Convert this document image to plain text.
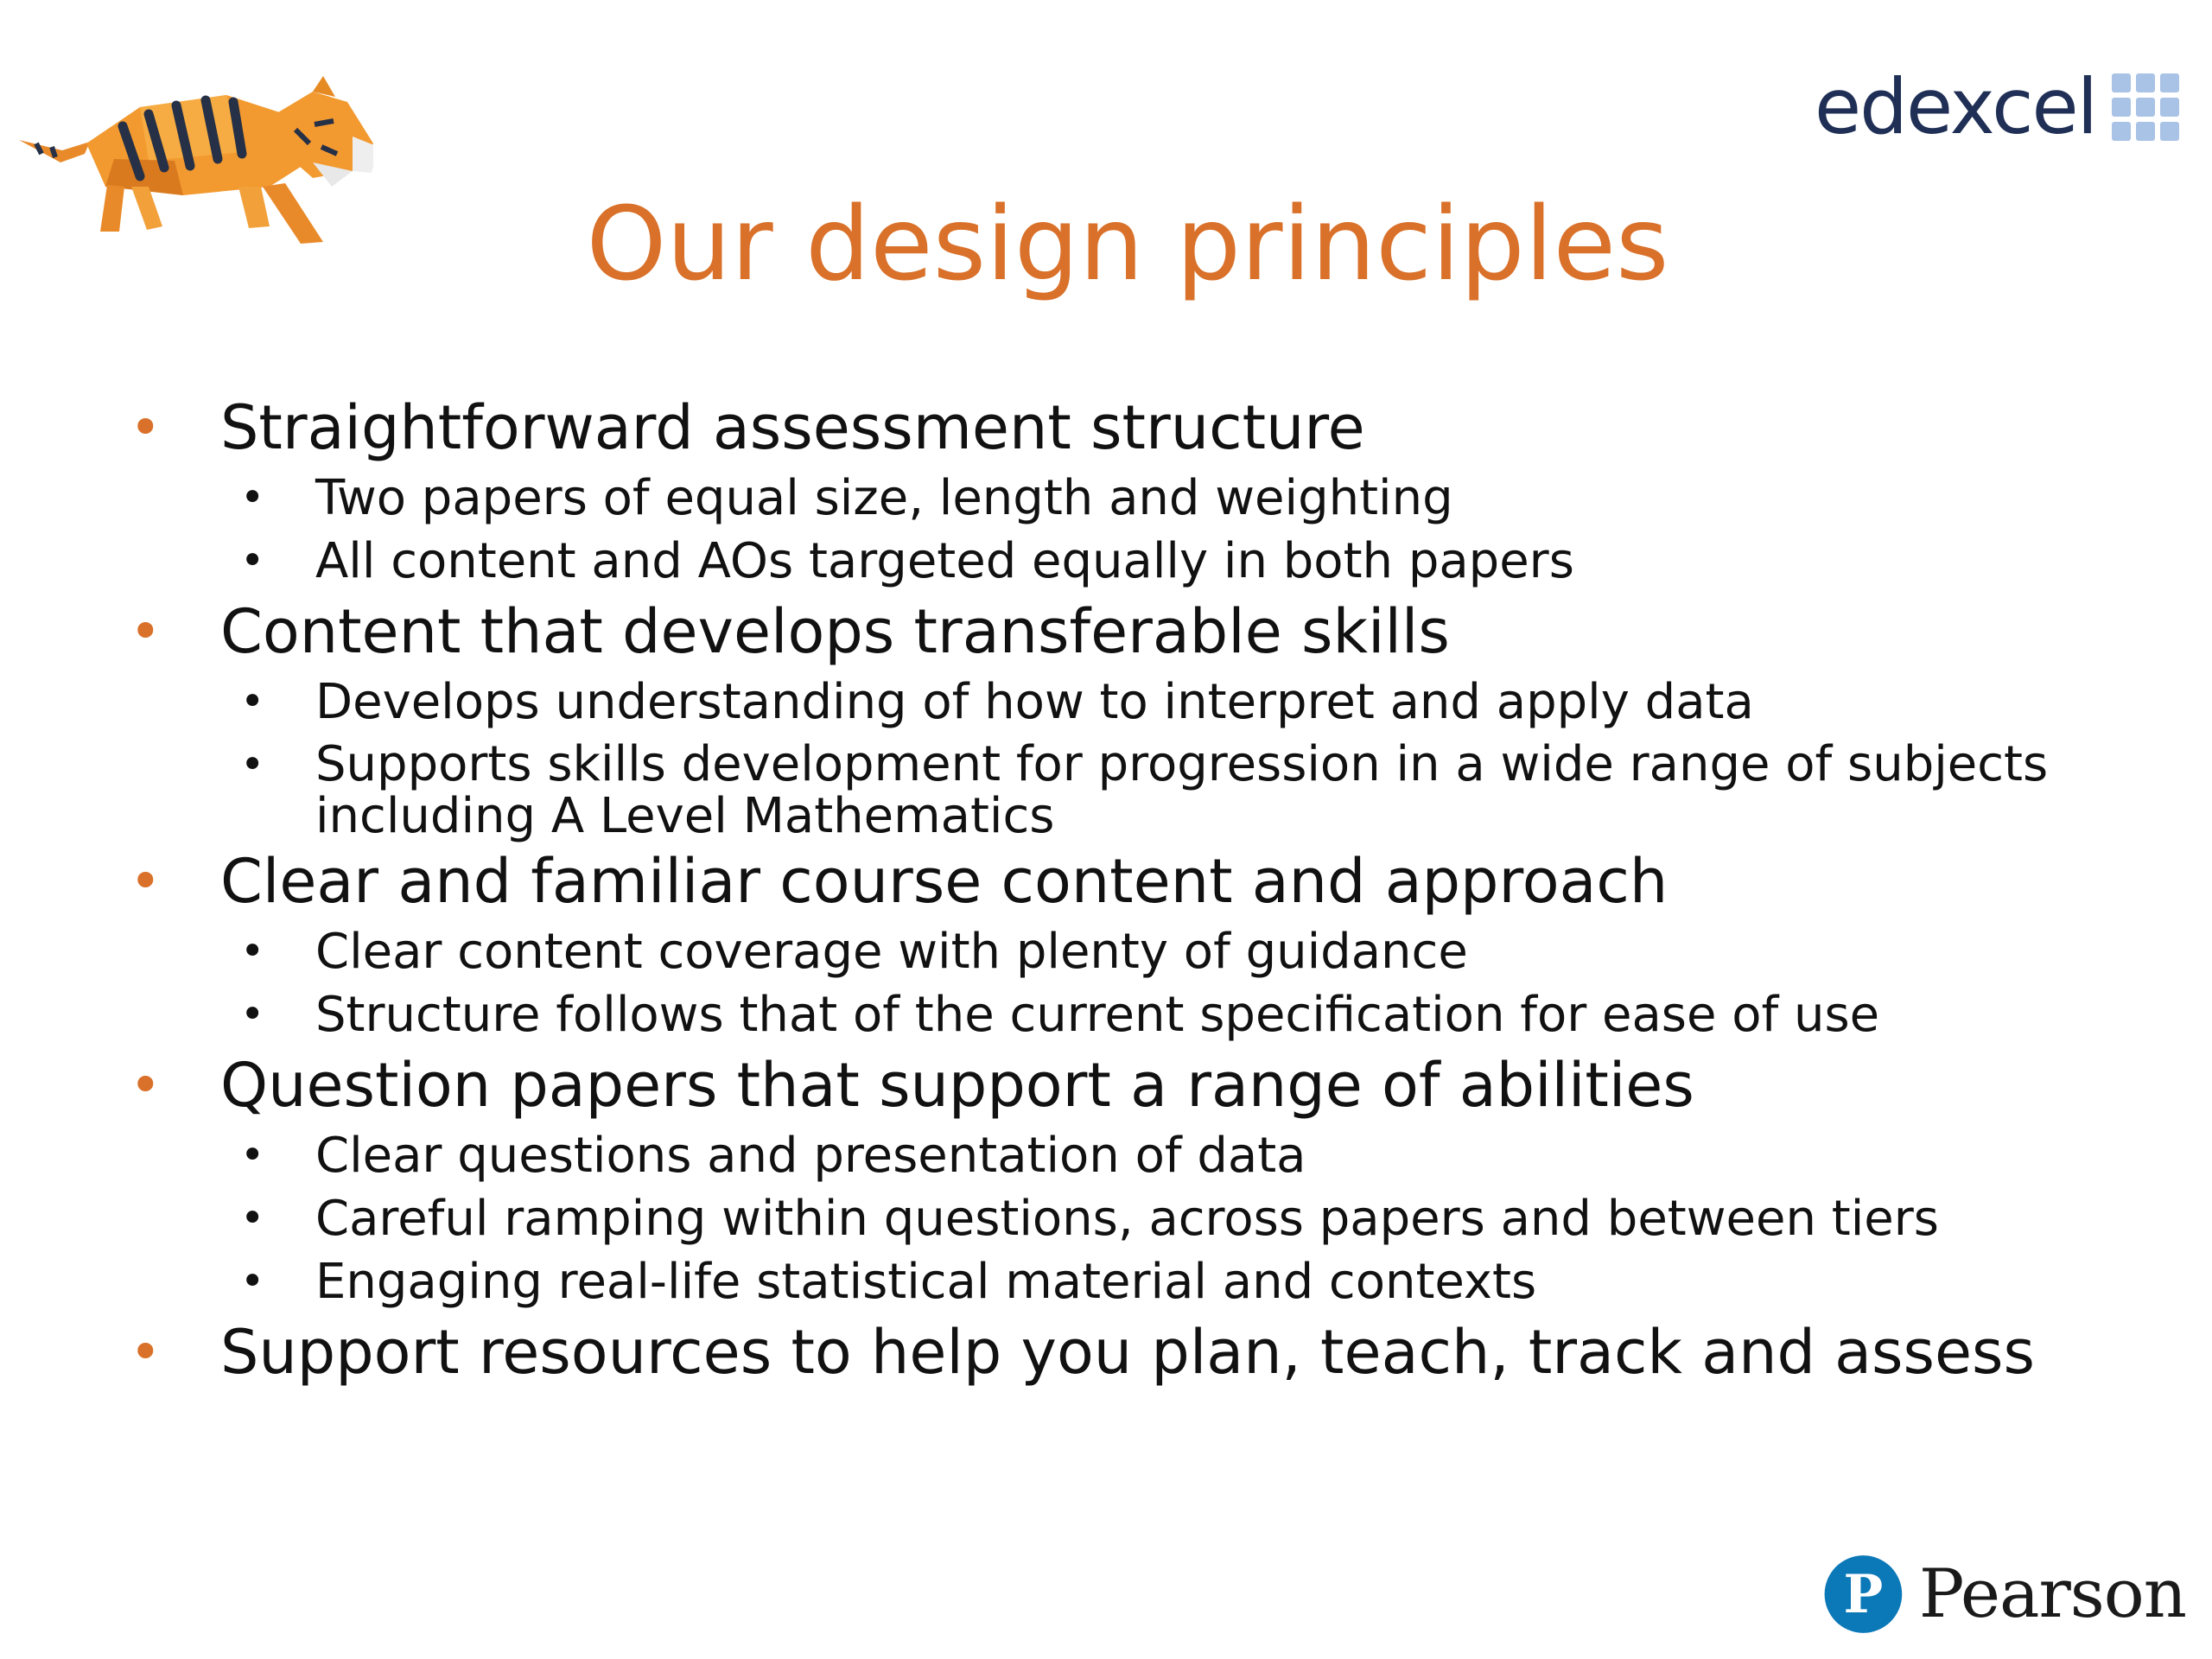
edexcel
Our design principles
• Straightforward assessment structure
• Two papers of equal size, length and weighting
• All content and AOs targeted equally in both papers
• Content that develops transferable skills
• Develops understanding of how to interpret and apply data
• Supports skills development for progression in a wide range of subjects including A Level Mathematics
• Clear and familiar course content and approach
• Clear content coverage with plenty of guidance
• Structure follows that of the current specification for ease of use
• Question papers that support a range of abilities
• Clear questions and presentation of data
• Careful ramping within questions, across papers and between tiers
• Engaging real-life statistical material and contexts
• Support resources to help you plan, teach, track and assess
P Pearson
